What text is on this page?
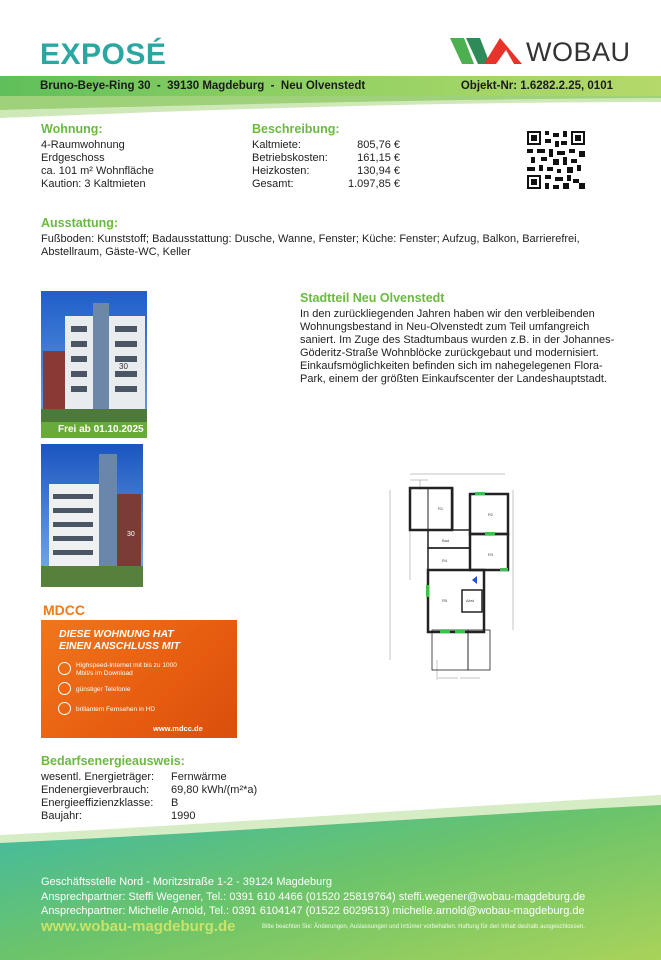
EXPOSÉ	WOBAU
Bruno-Beye-Ring 30  -  39130 Magdeburg  -  Neu Olvenstedt	Objekt-Nr: 1.6282.2.25, 0101
Wohnung:
4-Raumwohnung
Erdgeschoss
ca. 101 m² Wohnfläche
Kaution: 3 Kaltmieten
Beschreibung:
Kaltmiete:	805,76 €
Betriebskosten:	161,15 €
Heizkosten:	130,94 €
Gesamt:	1.097,85 €
Ausstattung:
Fußboden: Kunststoff; Badausstattung: Dusche, Wanne, Fenster; Küche: Fenster; Aufzug, Balkon, Barrierefrei, Abstellraum, Gäste-WC, Keller
30
Frei ab 01.10.2025
30
Stadtteil Neu Olvenstedt
In den zurückliegenden Jahren haben wir den verbleibenden Wohnungsbestand in Neu-Olvenstedt zum Teil umfangreich saniert. Im Zuge des Stadtumbaus wurden z.B. in der Johannes-Göderitz-Straße Wohnblöcke zurückgebaut und modernisiert. Einkaufsmöglichkeiten befinden sich im nahegelegenen Flora-Park, einem der größten Einkaufscenter der Landeshauptstadt.
R1
R2
Bad
R4
R3
R5	Abst
MDCC
DIESE WOHNUNG HAT
EINEN ANSCHLUSS MIT
Highspeed-Internet mit bis zu 1000 Mbit/s im Download
günstiger Telefonie
brillantem Fernsehen in HD
www.mdcc.de
Bedarfsenergieausweis:
wesentl. Energieträger:	Fernwärme
Endenergieverbrauch:	69,80 kWh/(m²*a)
Energieeffizienzklasse:	B
Baujahr:	1990
Geschäftsstelle Nord - Moritzstraße 1-2 - 39124 Magdeburg
Ansprechpartner: Steffi Wegener, Tel.: 0391 610 4466 (01520 25819764) steffi.wegener@wobau-magdeburg.de
Ansprechpartner: Michelle Arnold, Tel.: 0391 6104147 (01522 6029513) michelle.arnold@wobau-magdeburg.de
www.wobau-magdeburg.de	Bitte beachten Sie: Änderungen, Auslassungen und Irrtümer vorbehalten. Haftung für den Inhalt deshalb ausgeschlossen.
